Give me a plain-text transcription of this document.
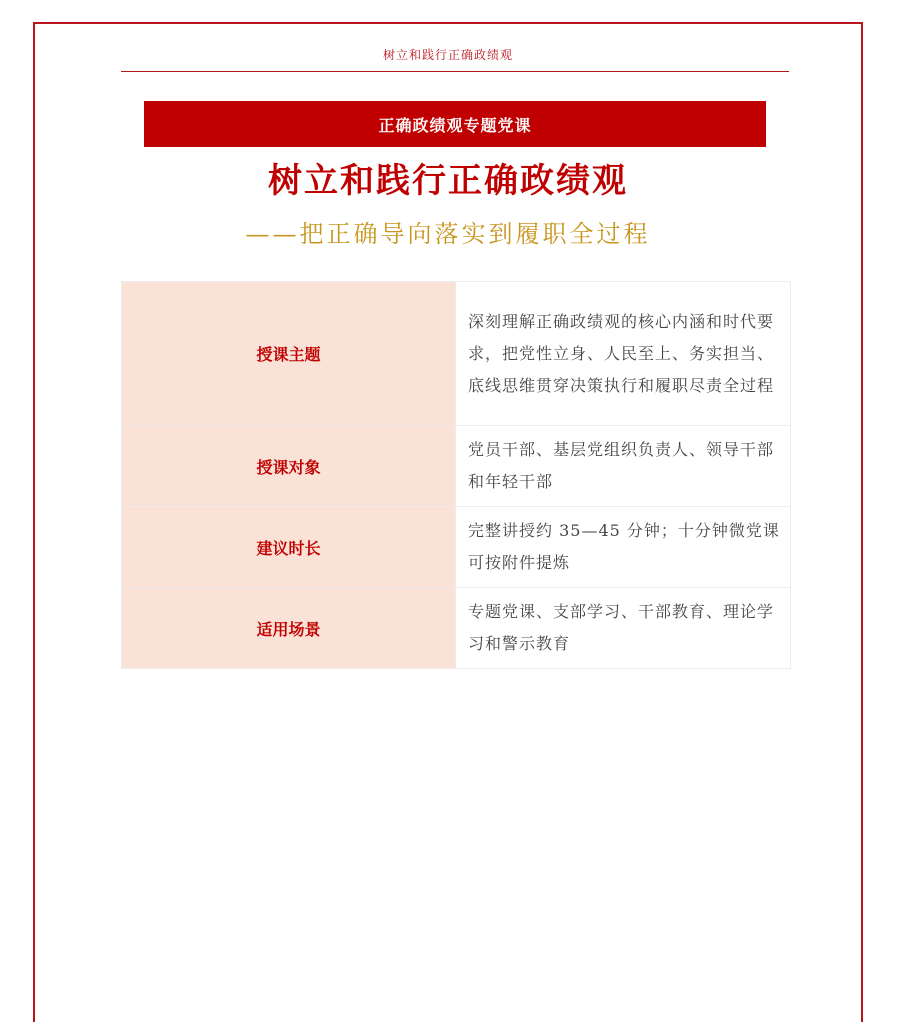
树立和践行正确政绩观
正确政绩观专题党课
树立和践行正确政绩观
——把正确导向落实到履职全过程
授课主题	深刻理解正确政绩观的核心内涵和时代要求，把党性立身、人民至上、务实担当、底线思维贯穿决策执行和履职尽责全过程
授课对象	党员干部、基层党组织负责人、领导干部和年轻干部
建议时长	完整讲授约 35—45 分钟；十分钟微党课可按附件提炼
适用场景	专题党课、支部学习、干部教育、理论学习和警示教育
